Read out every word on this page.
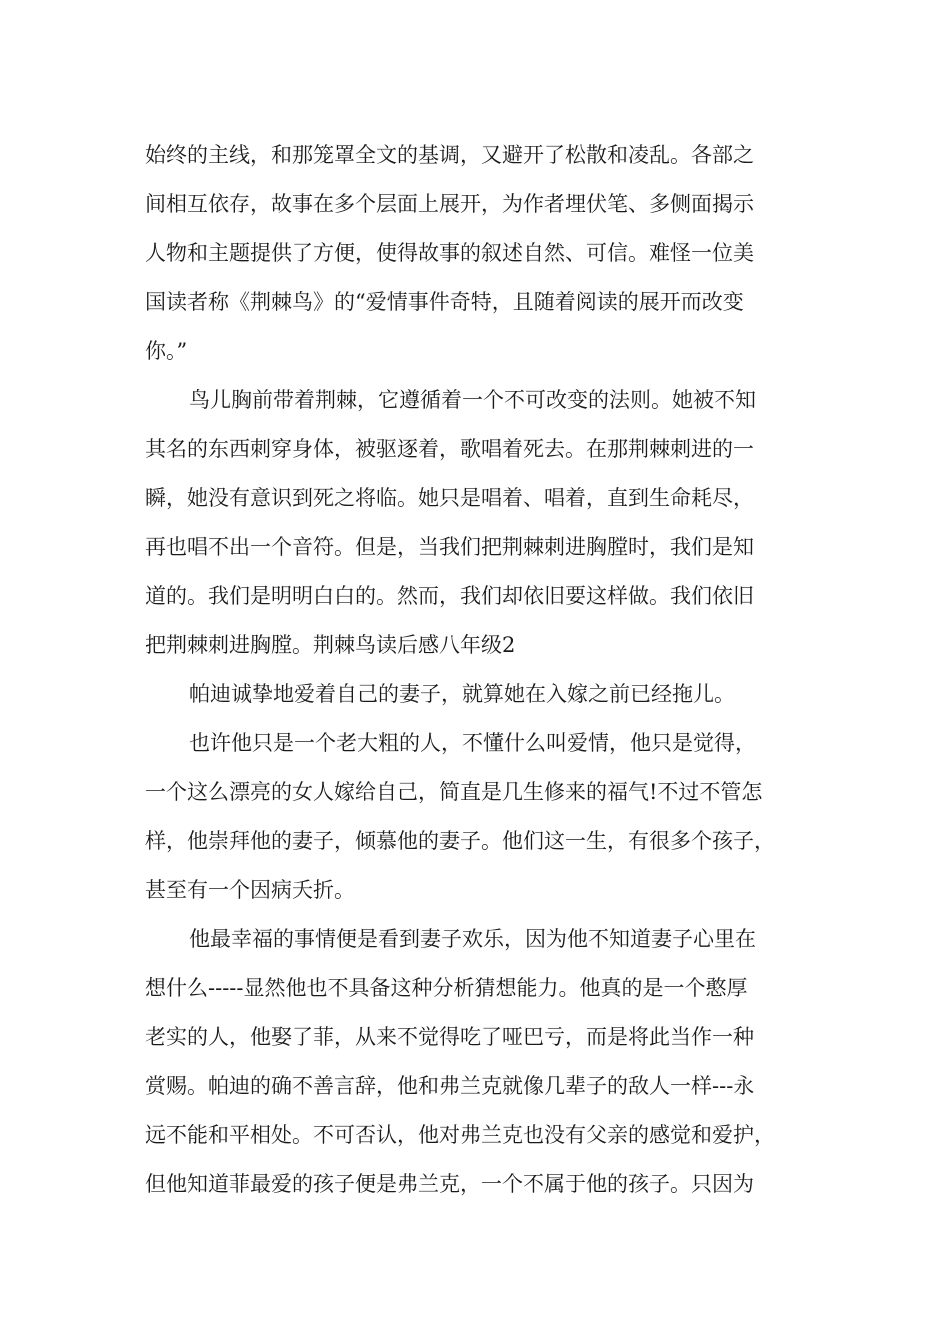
始终的主线，和那笼罩全文的基调，又避开了松散和凌乱。各部之
间相互依存，故事在多个层面上展开，为作者埋伏笔、多侧面揭示
人物和主题提供了方便，使得故事的叙述自然、可信。难怪一位美
国读者称《荆棘鸟》的“爱情事件奇特，且随着阅读的展开而改变
你。”
鸟儿胸前带着荆棘，它遵循着一个不可改变的法则。她被不知
其名的东西刺穿身体，被驱逐着，歌唱着死去。在那荆棘刺进的一
瞬，她没有意识到死之将临。她只是唱着、唱着，直到生命耗尽，
再也唱不出一个音符。但是，当我们把荆棘刺进胸膛时，我们是知
道的。我们是明明白白的。然而，我们却依旧要这样做。我们依旧
把荆棘刺进胸膛。荆棘鸟读后感八年级2
帕迪诚挚地爱着自己的妻子，就算她在入嫁之前已经拖儿。
也许他只是一个老大粗的人，不懂什么叫爱情，他只是觉得，
一个这么漂亮的女人嫁给自己，简直是几生修来的福气!不过不管怎
样，他崇拜他的妻子，倾慕他的妻子。他们这一生，有很多个孩子，
甚至有一个因病夭折。
他最幸福的事情便是看到妻子欢乐，因为他不知道妻子心里在
想什么-----显然他也不具备这种分析猜想能力。他真的是一个憨厚
老实的人，他娶了菲，从来不觉得吃了哑巴亏，而是将此当作一种
赏赐。帕迪的确不善言辞，他和弗兰克就像几辈子的敌人一样---永
远不能和平相处。不可否认，他对弗兰克也没有父亲的感觉和爱护，
但他知道菲最爱的孩子便是弗兰克，一个不属于他的孩子。只因为
